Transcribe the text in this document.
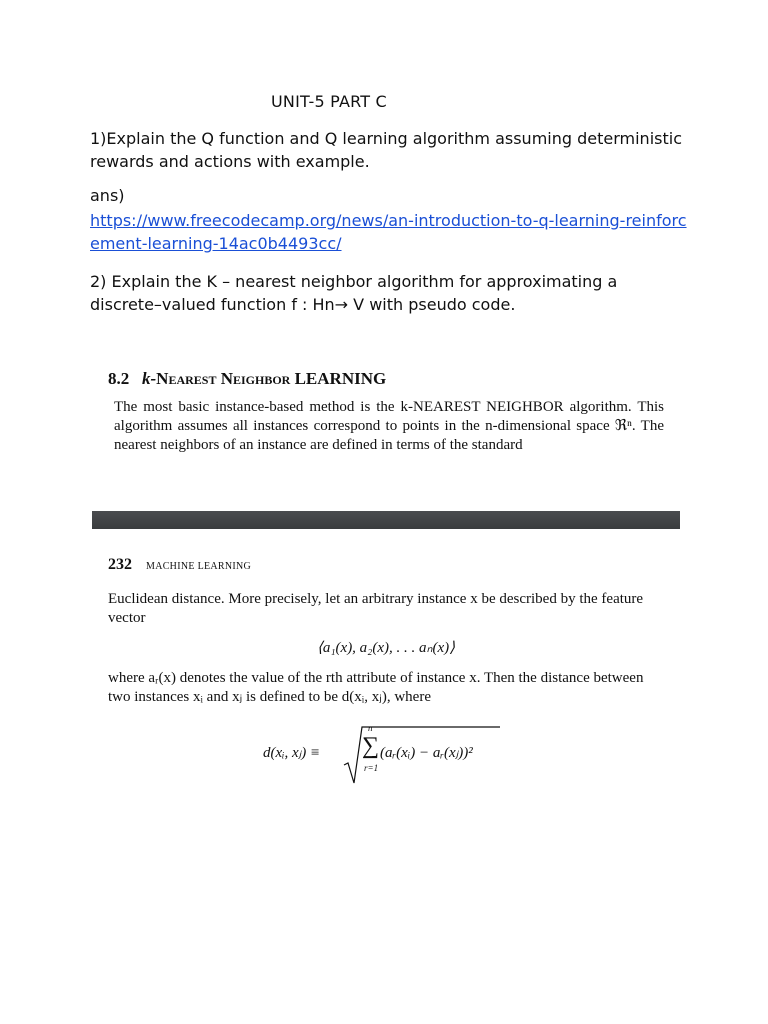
UNIT-5 PART C
1)Explain the Q function and Q learning algorithm assuming deterministic rewards and actions with example.
ans)
https://www.freecodecamp.org/news/an-introduction-to-q-learning-reinforcement-learning-14ac0b4493cc/
2) Explain the K – nearest neighbor algorithm for approximating a discrete–valued function f : Hn→ V with pseudo code.
8.2 k-Nearest Neighbor LEARNING
The most basic instance-based method is the k-NEAREST NEIGHBOR algorithm. This algorithm assumes all instances correspond to points in the n-dimensional space ℜⁿ. The nearest neighbors of an instance are defined in terms of the standard
232 MACHINE LEARNING
Euclidean distance. More precisely, let an arbitrary instance x be described by the feature vector
⟨a₁(x), a₂(x), . . . aₙ(x)⟩
where aᵣ(x) denotes the value of the rth attribute of instance x. Then the distance between two instances xᵢ and xⱼ is defined to be d(xᵢ, xⱼ), where
d(xᵢ, xⱼ) ≡
n
∑
r=1
(aᵣ(xᵢ) − aᵣ(xⱼ))²
